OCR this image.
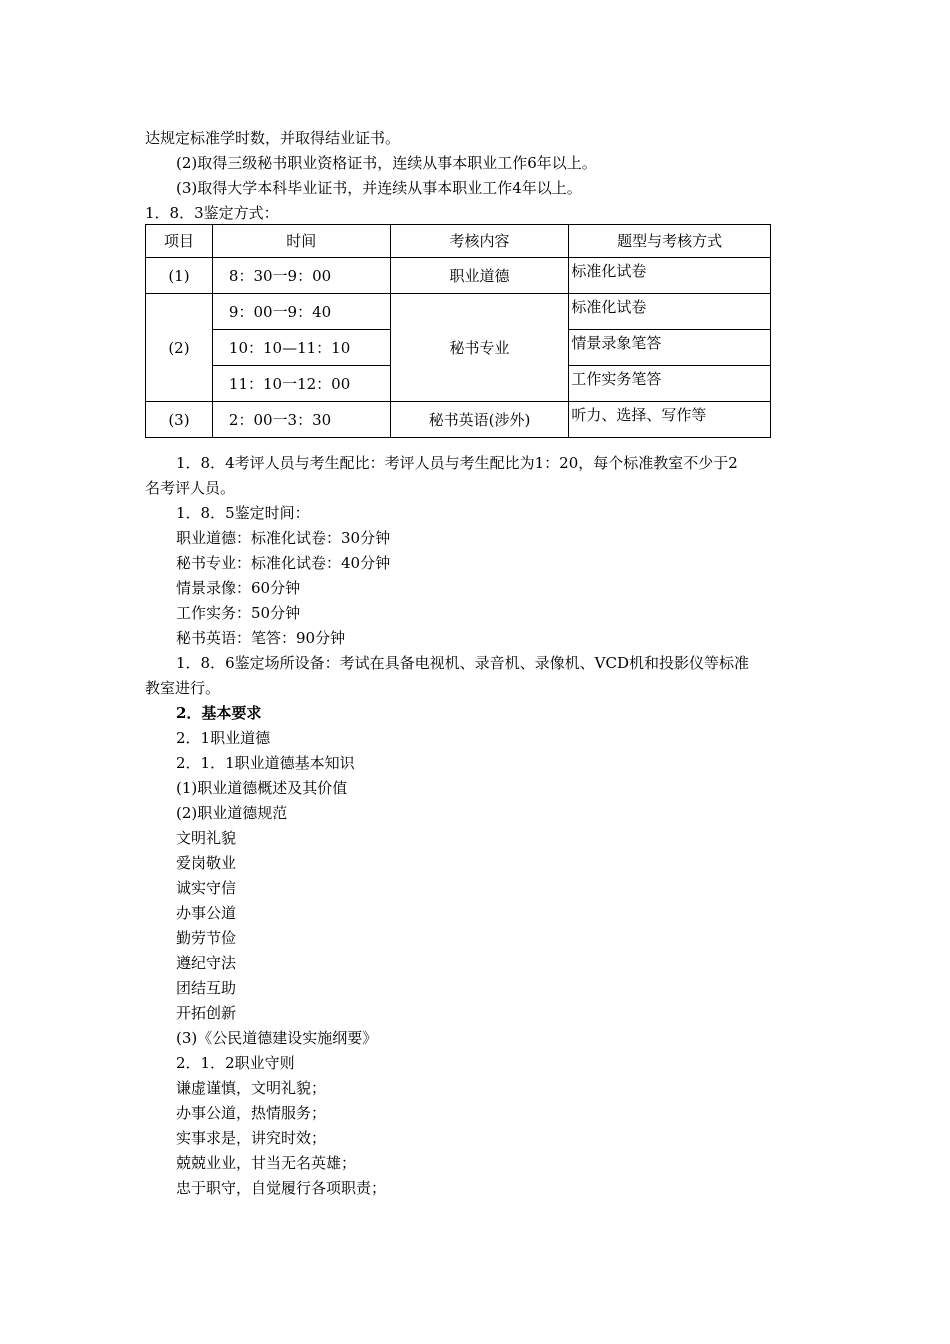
达规定标准学时数，并取得结业证书。
(2)取得三级秘书职业资格证书，连续从事本职业工作6年以上。
(3)取得大学本科毕业证书，并连续从事本职业工作4年以上。
1．8．3鉴定方式：
项目	时间	考核内容	题型与考核方式
(1)	8：30一9：00	职业道德	标准化试卷
(2)	9：00一9：40	秘书专业	标准化试卷
	10：10—11：10		情景录象笔答
	11：10一12：00		工作实务笔答
(3)	2：00一3：30	秘书英语(涉外)	听力、选择、写作等
1．8．4考评人员与考生配比：考评人员与考生配比为1：20，每个标准教室不少于2
名考评人员。
1．8．5鉴定时间：
职业道德：标准化试卷：30分钟
秘书专业：标准化试卷：40分钟
情景录像：60分钟
工作实务：50分钟
秘书英语：笔答：90分钟
1．8．6鉴定场所设备：考试在具备电视机、录音机、录像机、VCD机和投影仪等标准
教室进行。
2．基本要求
2．1职业道德
2．1．1职业道德基本知识
(1)职业道德概述及其价值
(2)职业道德规范
文明礼貌
爱岗敬业
诚实守信
办事公道
勤劳节俭
遵纪守法
团结互助
开拓创新
(3)《公民道德建设实施纲要》
2．1．2职业守则
谦虚谨慎，文明礼貌；
办事公道，热情服务；
实事求是，讲究时效；
兢兢业业，甘当无名英雄；
忠于职守，自觉履行各项职责；
